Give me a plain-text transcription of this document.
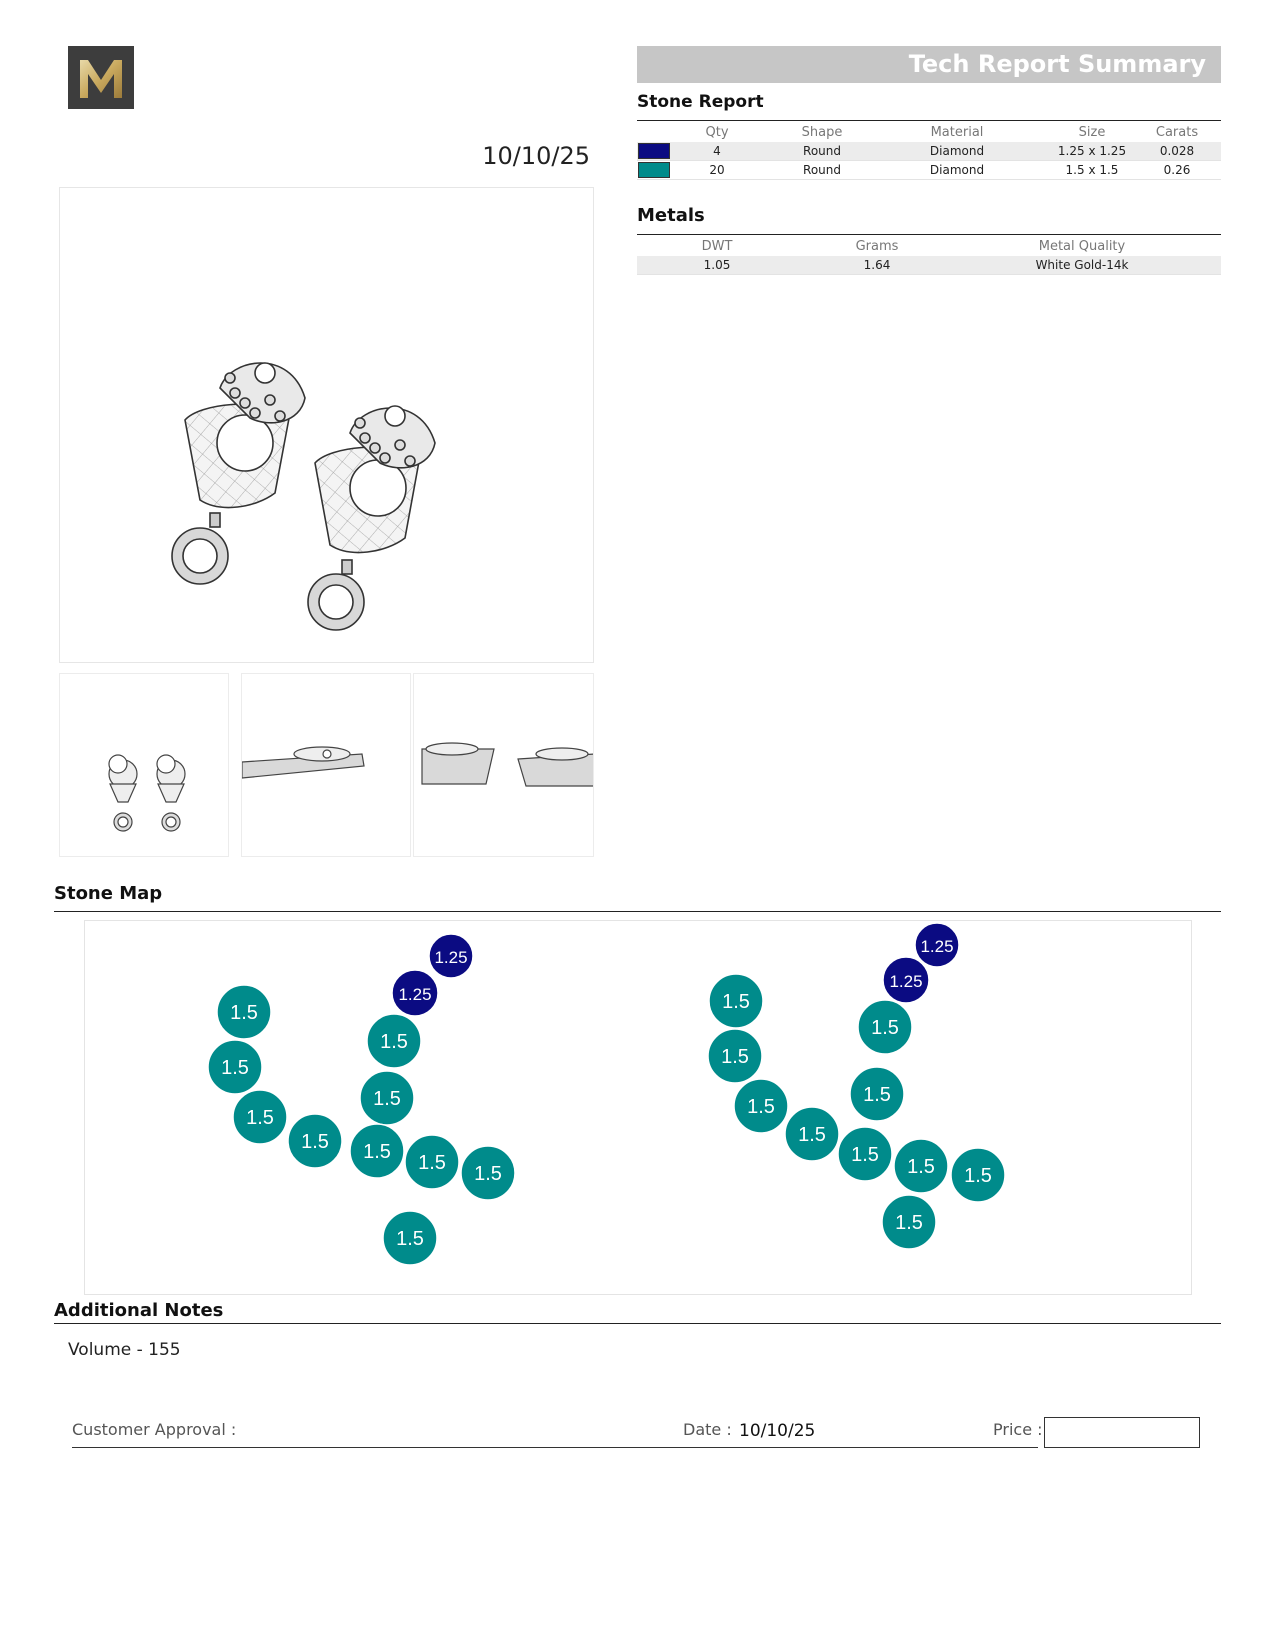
10/10/25
Tech Report Summary
Stone Report
Qty	Shape	Material	Size	Carats
4	Round	Diamond	1.25 x 1.25	0.028
20	Round	Diamond	1.5 x 1.5	0.26
Metals
DWT	Grams	Metal Quality
1.05	1.64	White Gold-14k
Stone Map
1.25
1.25
1.5
1.5
1.5
1.5
1.5
1.5
1.5 1.5 1.5
1.5
1.25
1.25
1.5
1.5
1.5
1.5
1.5
1.5
1.5
1.5 1.5
1.5
Additional Notes
Volume - 155
Customer Approval :	Date : 10/10/25	Price :
